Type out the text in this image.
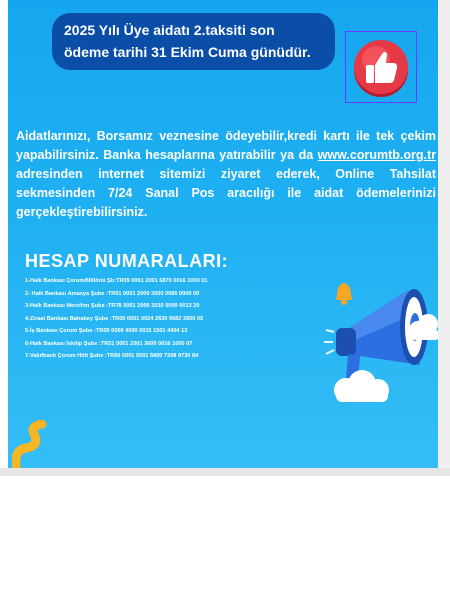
2025 Yılı Üye aidatı 2.taksiti son
ödeme tarihi 31 Ekim Cuma günüdür.
Aidatlarınızı, Borsamız veznesine ödeyebilir,kredi kartı ile tek çekim yapabilirsiniz. Banka hesaplarına yatırabilir ya da www.corumtb.org.tr adresinden internet sitemizi ziyaret ederek, Online Tahsilat sekmesinden 7/24 Sanal Pos aracılığı ile aidat ödemelerinizi gerçekleştirebilirsiniz.
HESAP NUMARALARI:
1-Halk Bankası Çorum/Millönü Şb:TR09 0001 2001 6870 0016 1000 01
2- Halk Bankası Amasya Şube :TR91 0001 2009 3000 0085 0000 09
3-Halk Bankası Merzifon Şube :TR78 0001 2009 3010 0009 0013 20
4-Ziraat Bankası Bahabey Şube :TR05 0001 0024 2630 9682 3950 05
5-İş Bankası Çorum Şube :TR05 0006 4000 0015 1501 4404 13
6-Halk Bankası İskilip Şube :TR51 0001 2001 3600 0016 1000 07
7-Vakıfbank Çorum Hitit Şube :TR60 0001 5001 5800 7308 9730 84
